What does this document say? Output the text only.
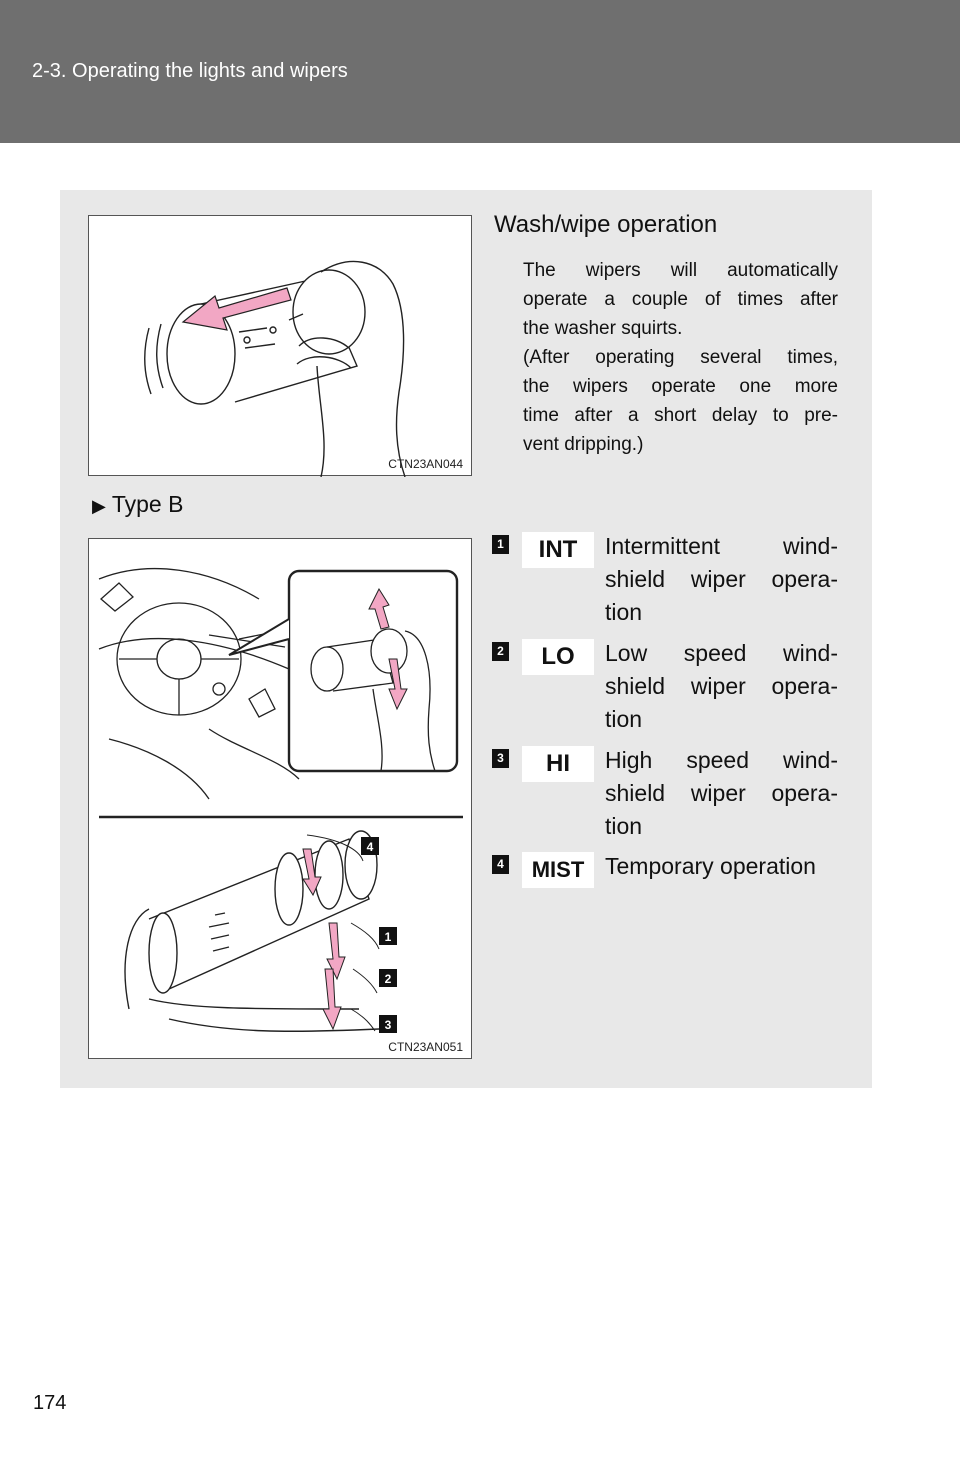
2-3. Operating the lights and wipers
CTN23AN044
Wash/wipe operation

The wipers will automatically
operate a couple of times after
the washer squirts.
(After operating several times,
the wipers operate one more
time after a short delay to pre-
vent dripping.)

▶ Type B
4
1
2
3
CTN23AN051
1	INT	Intermittent wind-
shield wiper opera-
tion
2	LO	Low speed wind-
shield wiper opera-
tion
3	HI	High speed wind-
shield wiper opera-
tion
4	MIST Temporary operation
174
